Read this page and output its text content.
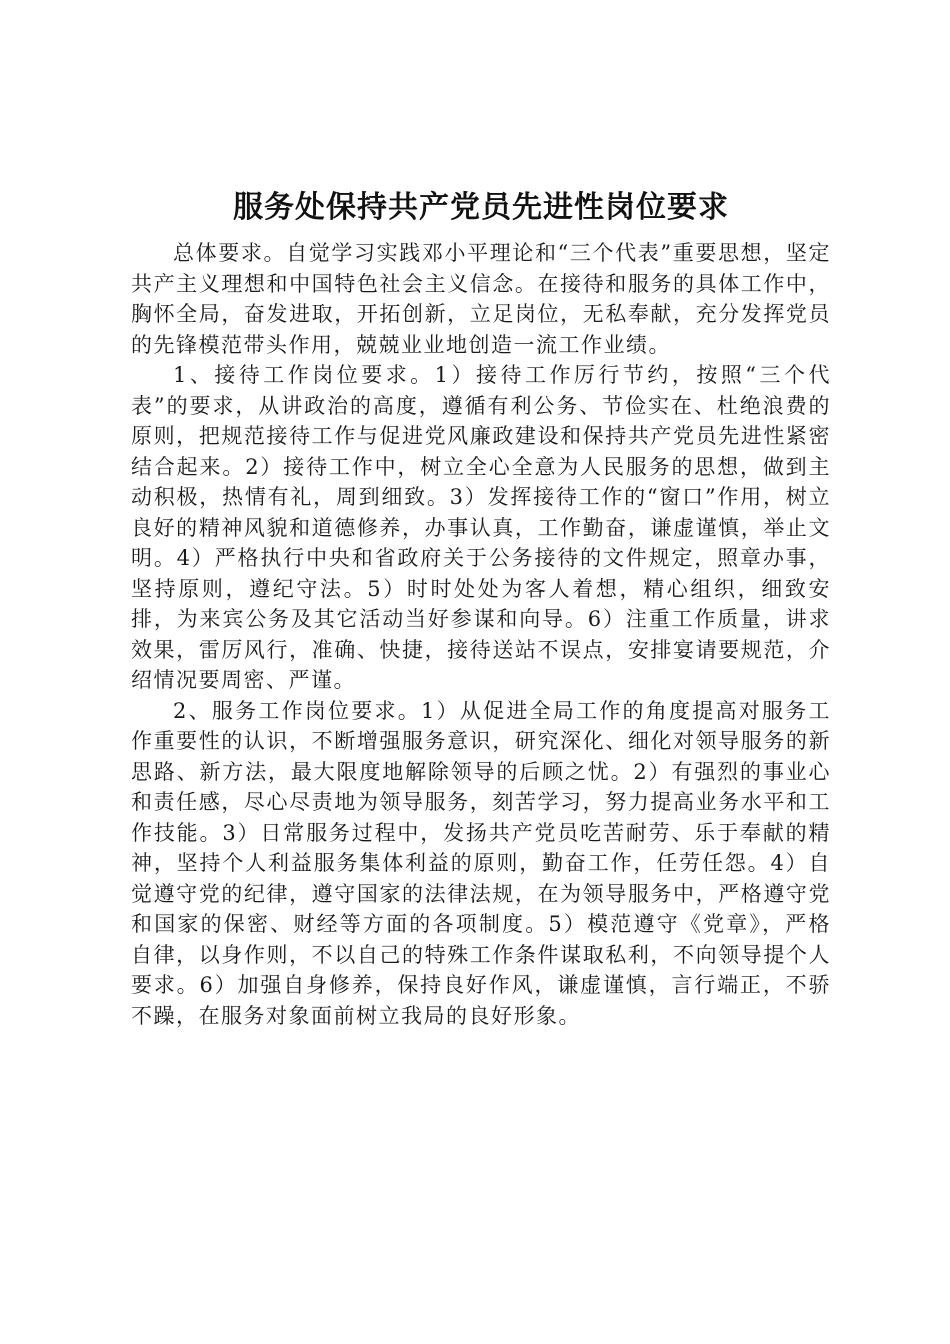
服务处保持共产党员先进性岗位要求

总体要求。自觉学习实践邓小平理论和“三个代表”重要思想，坚定共产主义理想和中国特色社会主义信念。在接待和服务的具体工作中，胸怀全局，奋发进取，开拓创新，立足岗位，无私奉献，充分发挥党员的先锋模范带头作用，兢兢业业地创造一流工作业绩。

1、接待工作岗位要求。1）接待工作厉行节约，按照“三个代表”的要求，从讲政治的高度，遵循有利公务、节俭实在、杜绝浪费的原则，把规范接待工作与促进党风廉政建设和保持共产党员先进性紧密结合起来。2）接待工作中，树立全心全意为人民服务的思想，做到主动积极，热情有礼，周到细致。3）发挥接待工作的“窗口”作用，树立良好的精神风貌和道德修养，办事认真，工作勤奋，谦虚谨慎，举止文明。4）严格执行中央和省政府关于公务接待的文件规定，照章办事，坚持原则，遵纪守法。5）时时处处为客人着想，精心组织，细致安排，为来宾公务及其它活动当好参谋和向导。6）注重工作质量，讲求效果，雷厉风行，准确、快捷，接待送站不误点，安排宴请要规范，介绍情况要周密、严谨。

2、服务工作岗位要求。1）从促进全局工作的角度提高对服务工作重要性的认识，不断增强服务意识，研究深化、细化对领导服务的新思路、新方法，最大限度地解除领导的后顾之忧。2）有强烈的事业心和责任感，尽心尽责地为领导服务，刻苦学习，努力提高业务水平和工作技能。3）日常服务过程中，发扬共产党员吃苦耐劳、乐于奉献的精神，坚持个人利益服务集体利益的原则，勤奋工作，任劳任怨。4）自觉遵守党的纪律，遵守国家的法律法规，在为领导服务中，严格遵守党和国家的保密、财经等方面的各项制度。5）模范遵守《党章》，严格自律，以身作则，不以自己的特殊工作条件谋取私利，不向领导提个人要求。6）加强自身修养，保持良好作风，谦虚谨慎，言行端正，不骄不躁，在服务对象面前树立我局的良好形象。
